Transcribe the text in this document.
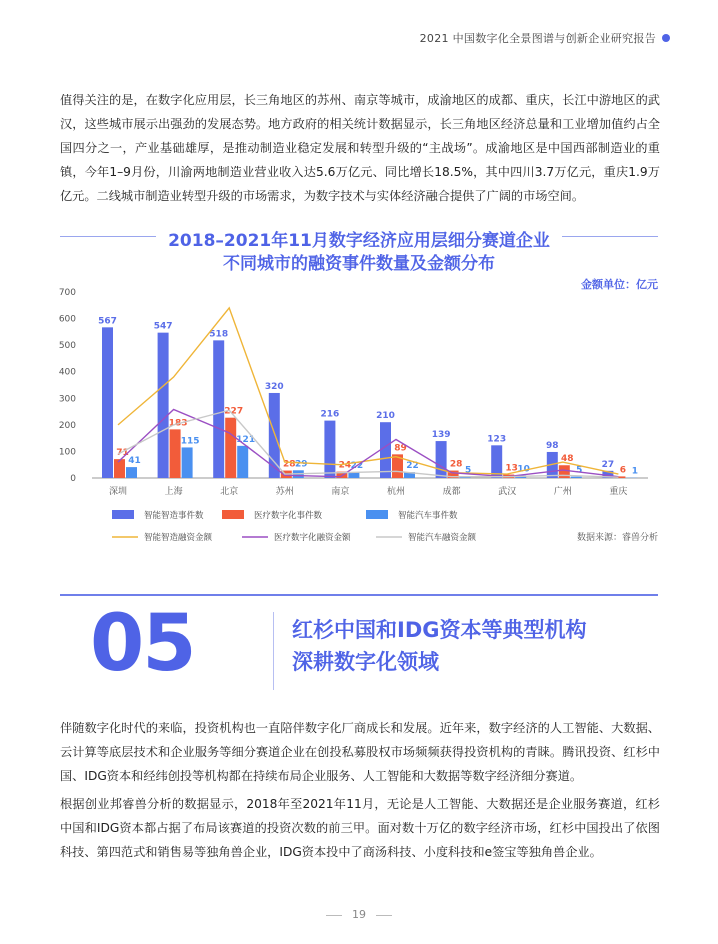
2021 中国数字化全景图谱与创新企业研究报告

值得关注的是，在数字化应用层，长三角地区的苏州、南京等城市，成渝地区的成都、重庆，长江中游地区的武汉，这些城市展示出强劲的发展态势。地方政府的相关统计数据显示，长三角地区经济总量和工业增加值约占全国四分之一，产业基础雄厚，是推动制造业稳定发展和转型升级的“主战场”。成渝地区是中国西部制造业的重镇，今年1–9月份，川渝两地制造业营业收入达5.6万亿元、同比增长18.5%，其中四川3.7万亿元，重庆1.9万亿元。二线城市制造业转型升级的市场需求，为数字技术与实体经济融合提供了广阔的市场空间。

2018–2021年11月数字经济应用层细分赛道企业
不同城市的融资事件数量及金额分布
金额单位：亿元
0
100
200
300
400
500
600
700
567
71
41
深圳
547
183
115
上海
518
227
121
北京
320
28 29
苏州
216
24 22
南京
210
89
22
杭州
139
28
5
成都
123
13 10
武汉
98
48
5
广州
27
6 1
重庆
智能智造事件数	医疗数字化事件数	智能汽车事件数
智能智造融资金额	医疗数字化融资金额	智能汽车融资金额	数据来源：睿兽分析

伴随数字化时代的来临，投资机构也一直陪伴数字化厂商成长和发展。近年来，数字经济的人工智能、大数据、云计算等底层技术和企业服务等细分赛道企业在创投私募股权市场频频获得投资机构的青睐。腾讯投资、红杉中国、IDG资本和经纬创投等机构都在持续布局企业服务、人工智能和大数据等数字经济细分赛道。

根据创业邦睿兽分析的数据显示，2018年至2021年11月，无论是人工智能、大数据还是企业服务赛道，红杉中国和IDG资本都占据了布局该赛道的投资次数的前三甲。面对数十万亿的数字经济市场，红杉中国投出了依图科技、第四范式和销售易等独角兽企业，IDG资本投中了商汤科技、小度科技和e签宝等独角兽企业。

05	红杉中国和IDG资本等典型机构
深耕数字化领域
19
